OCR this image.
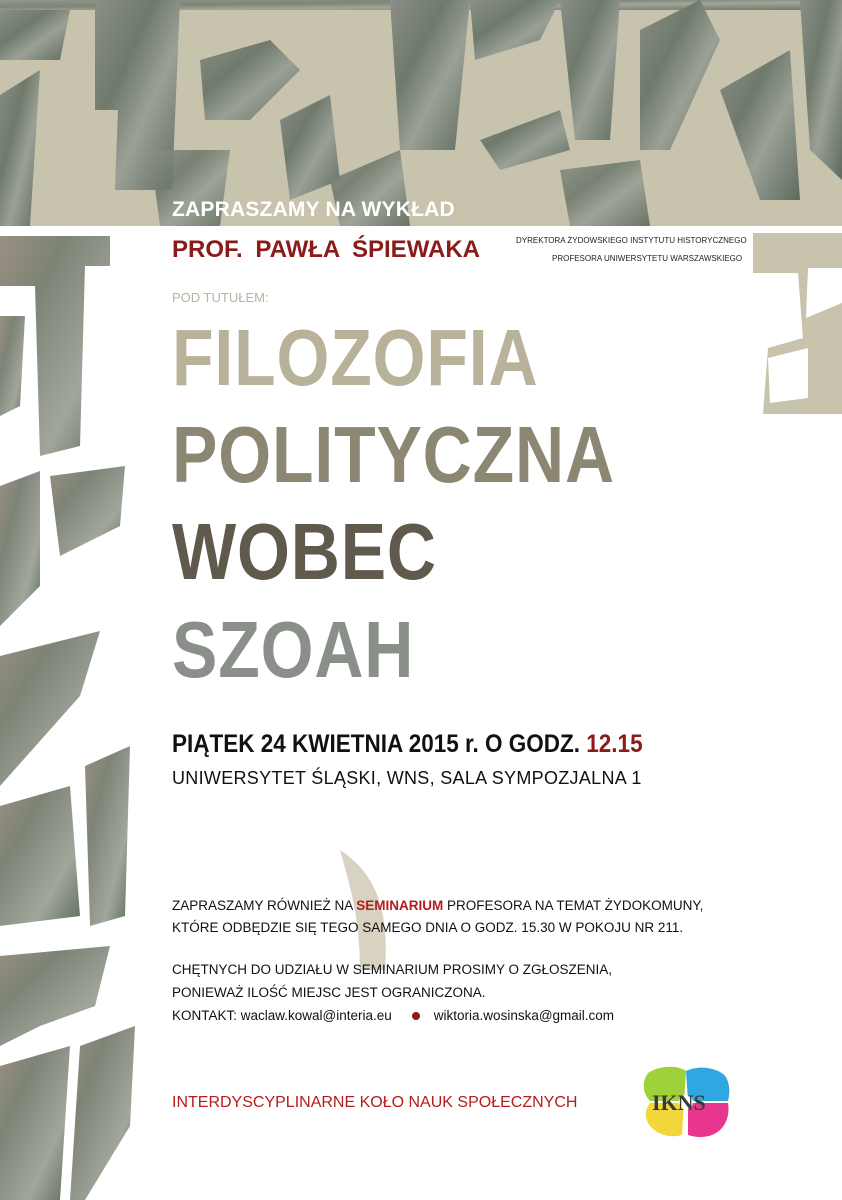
ZAPRASZAMY NA WYKŁAD
PROF. PAWŁA ŚPIEWAKA	DYREKTORA ŻYDOWSKIEGO INSTYTUTU HISTORYCZNEGO
PROFESORA UNIWERSYTETU WARSZAWSKIEGO
POD TUTUŁEM:
FILOZOFIA
POLITYCZNA
WOBEC
SZOAH
PIĄTEK 24 KWIETNIA 2015 r. O GODZ. 12.15
UNIWERSYTET ŚLĄSKI, WNS, SALA SYMPOZJALNA 1
ZAPRASZAMY RÓWNIEŻ NA SEMINARIUM PROFESORA NA TEMAT ŻYDOKOMUNY,
KTÓRE ODBĘDZIE SIĘ TEGO SAMEGO DNIA O GODZ. 15.30 W POKOJU NR 211.
CHĘTNYCH DO UDZIAŁU W SEMINARIUM PROSIMY O ZGŁOSZENIA,
PONIEWAŻ ILOŚĆ MIEJSC JEST OGRANICZONA.
KONTAKT: waclaw.kowal@interia.eu	wiktoria.wosinska@gmail.com
INTERDYSCYPLINARNE KOŁO NAUK SPOŁECZNYCH	IKNS
